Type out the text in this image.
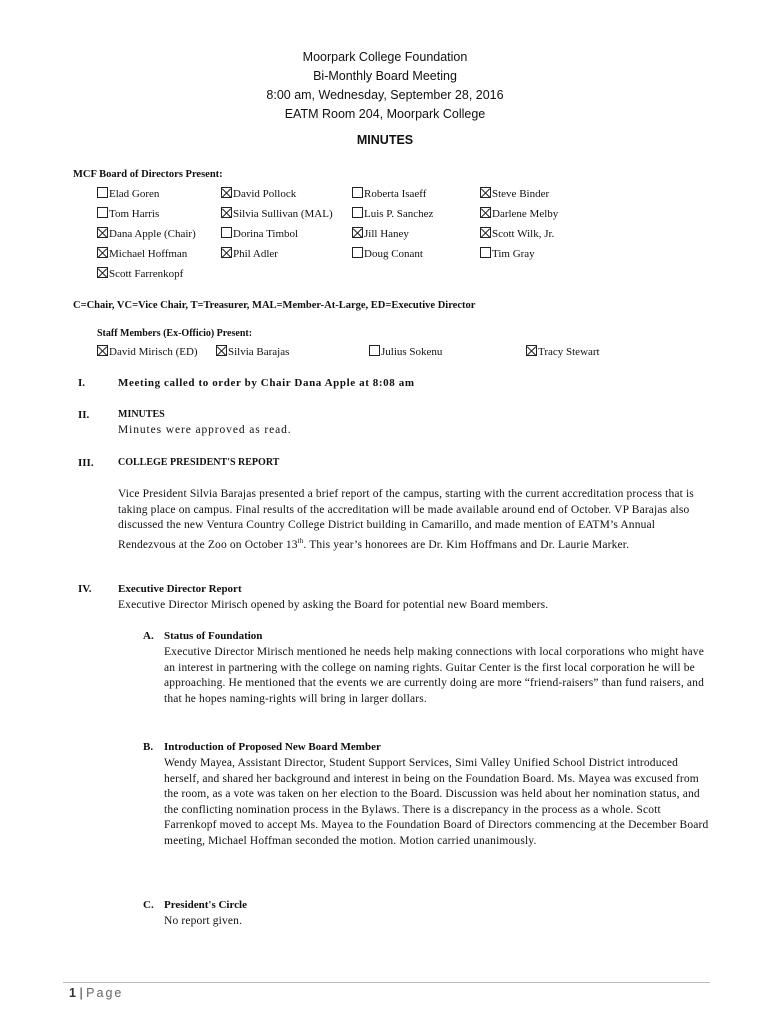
Moorpark College Foundation
Bi-Monthly Board Meeting
8:00 am, Wednesday, September 28, 2016
EATM Room 204, Moorpark College
MINUTES
MCF Board of Directors Present:
Elad Goren	David Pollock	Roberta Isaeff	Steve Binder
Tom Harris	Silvia Sullivan (MAL)	Luis P. Sanchez	Darlene Melby
Dana Apple (Chair)	Dorina Timbol	Jill Haney	Scott Wilk, Jr.
Michael Hoffman	Phil Adler	Doug Conant	Tim Gray
Scott Farrenkopf
C=Chair, VC=Vice Chair, T=Treasurer, MAL=Member-At-Large, ED=Executive Director
Staff Members (Ex-Officio) Present:
David Mirisch (ED)	Silvia Barajas	Julius Sokenu	Tracy Stewart
I.	Meeting called to order by Chair Dana Apple at 8:08 am
II.	MINUTES
Minutes were approved as read.
III. COLLEGE PRESIDENT'S REPORT
Vice President Silvia Barajas presented a brief report of the campus, starting with the current accreditation process that is taking place on campus. Final results of the accreditation will be made available around end of October. VP Barajas also discussed the new Ventura Country College District building in Camarillo, and made mention of EATM’s Annual Rendezvous at the Zoo on October 13th. This year’s honorees are Dr. Kim Hoffmans and Dr. Laurie Marker.
IV. Executive Director Report
Executive Director Mirisch opened by asking the Board for potential new Board members.
A. Status of Foundation
Executive Director Mirisch mentioned he needs help making connections with local corporations who might have an interest in partnering with the college on naming rights. Guitar Center is the first local corporation he will be approaching. He mentioned that the events we are currently doing are more “friend-raisers” than fund raisers, and that he hopes naming-rights will bring in larger dollars.
B. Introduction of Proposed New Board Member
Wendy Mayea, Assistant Director, Student Support Services, Simi Valley Unified School District introduced herself, and shared her background and interest in being on the Foundation Board. Ms. Mayea was excused from the room, as a vote was taken on her election to the Board. Discussion was held about her nomination status, and the conflicting nomination process in the Bylaws. There is a discrepancy in the process as a whole. Scott Farrenkopf moved to accept Ms. Mayea to the Foundation Board of Directors commencing at the December Board meeting, Michael Hoffman seconded the motion. Motion carried unanimously.
C. President's Circle
No report given.
1 | Page
